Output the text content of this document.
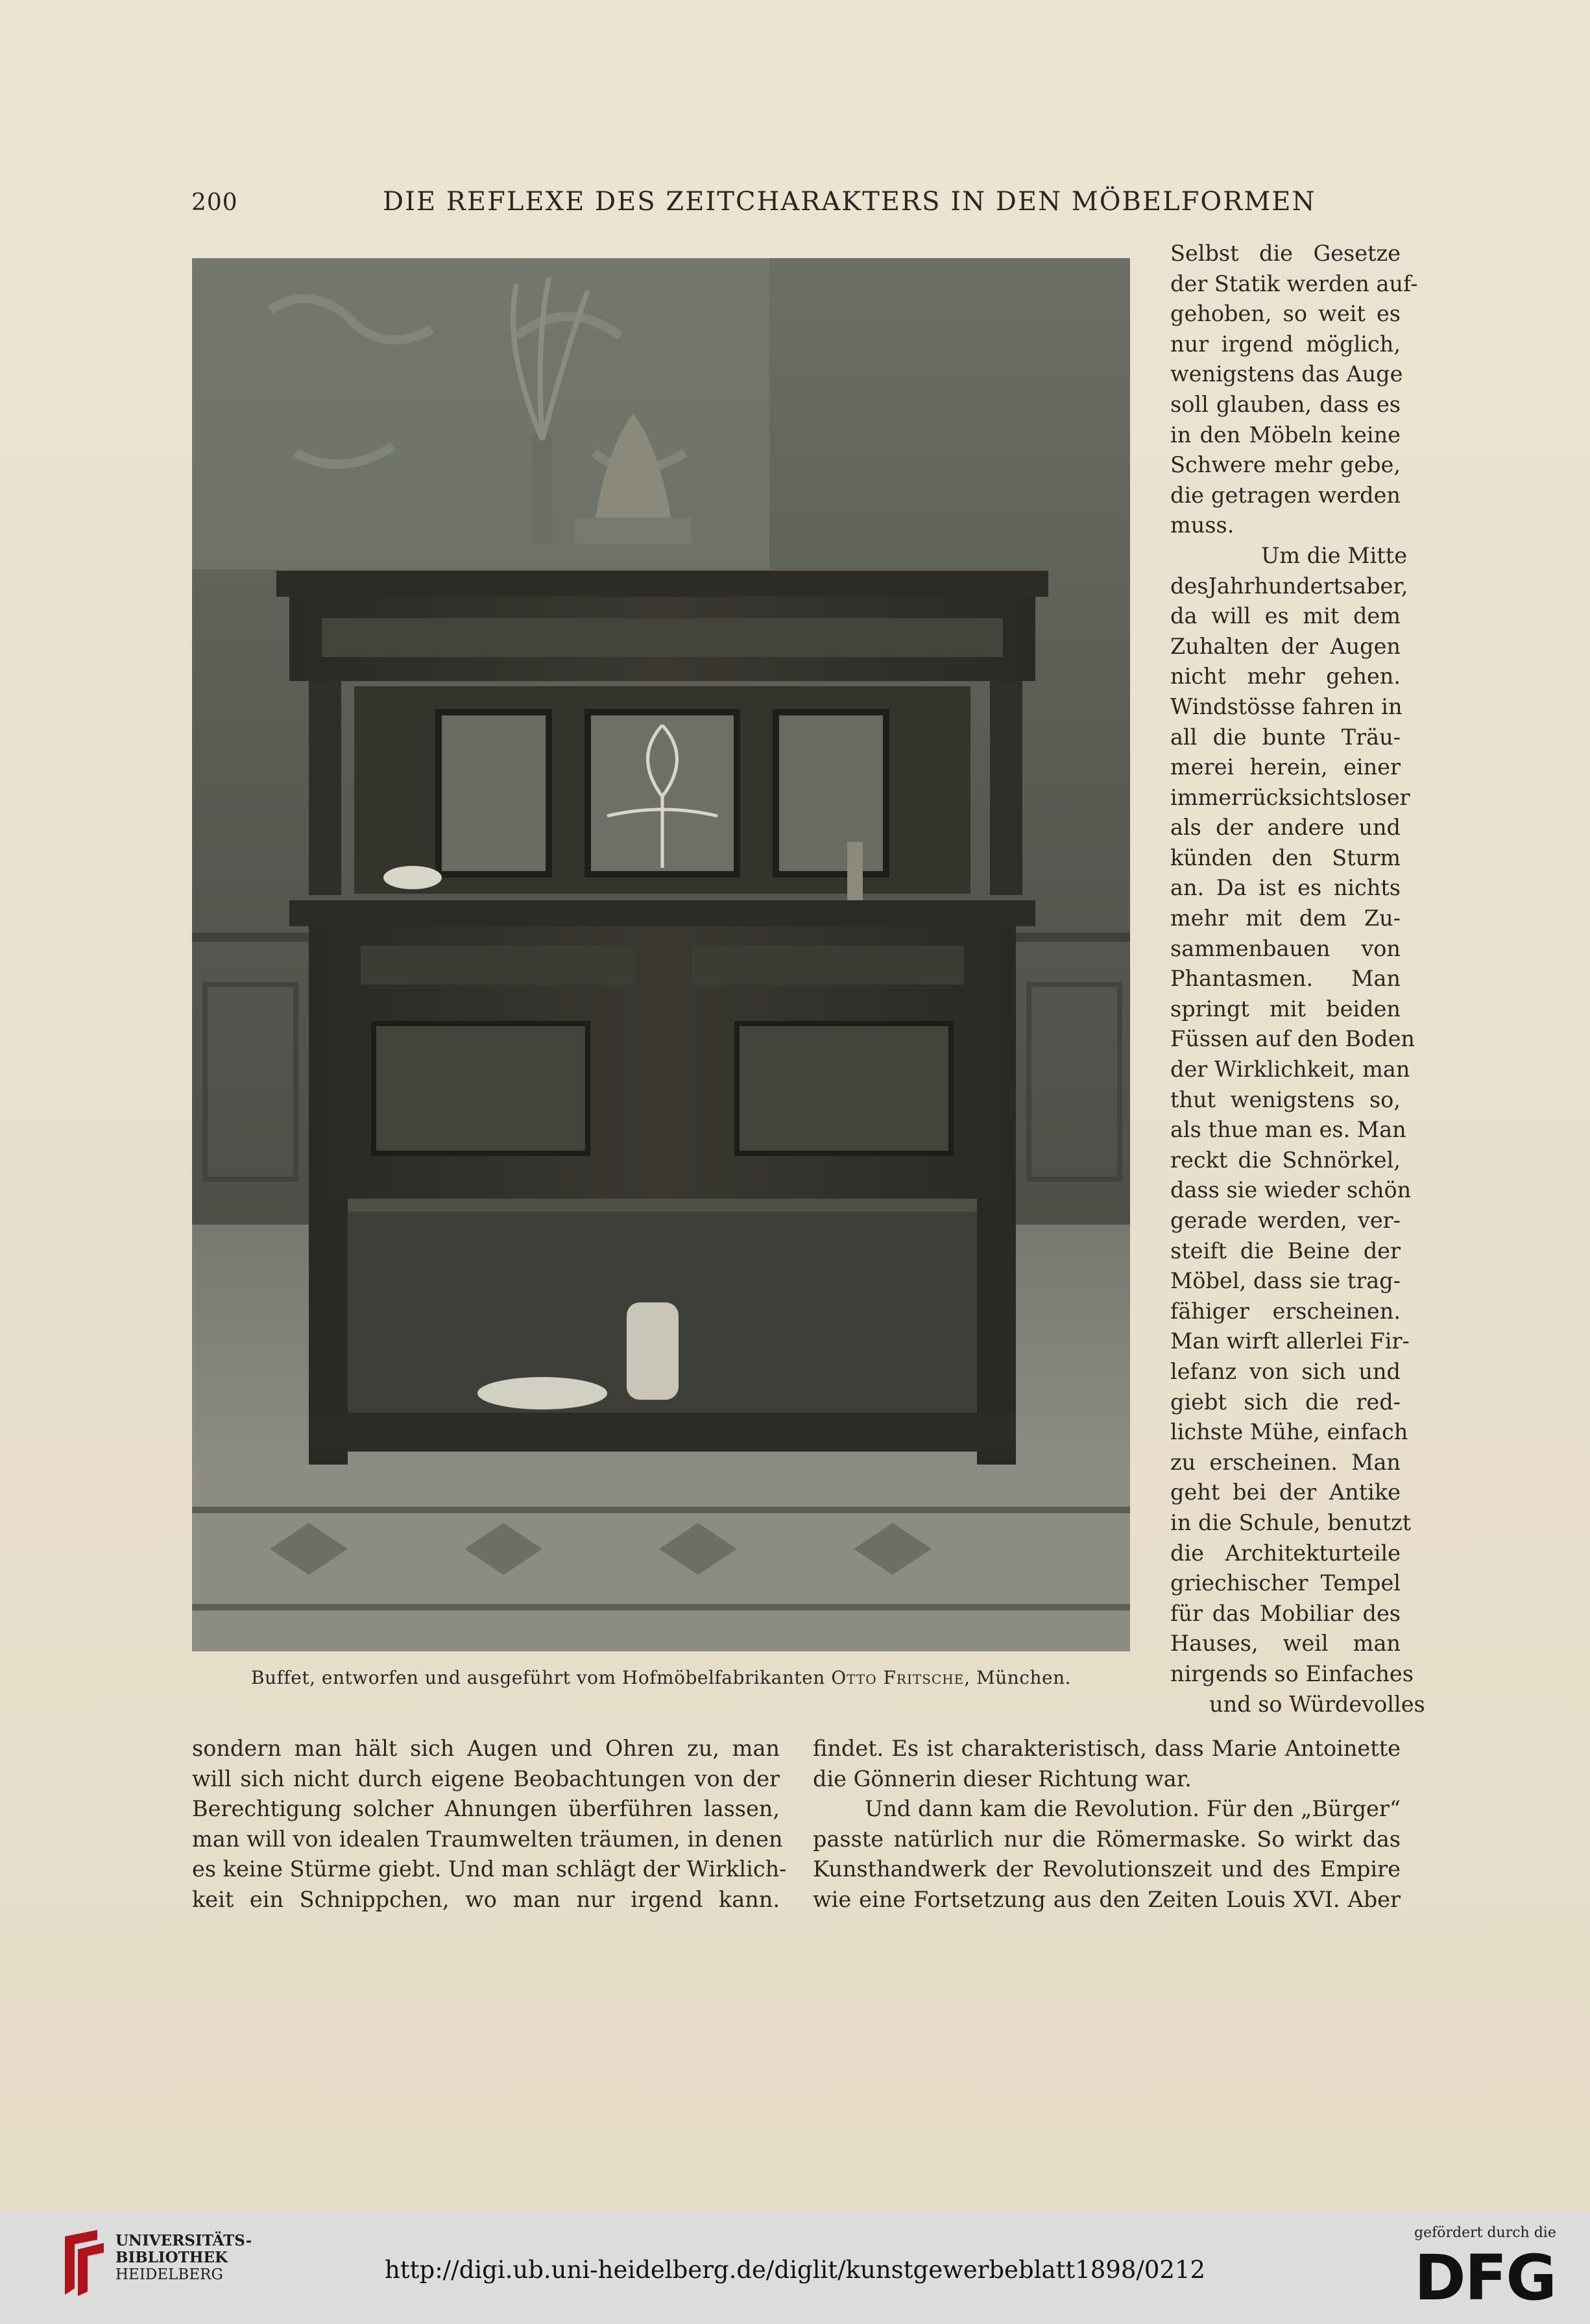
200	DIE REFLEXE DES ZEITCHARAKTERS IN DEN MÖBELFORMEN
Buffet, entworfen und ausgeführt vom Hofmöbelfabrikanten Otto Fritsche, München.
Selbst die Gesetze
der Statik werden auf-
gehoben, so weit es
nur irgend möglich,
wenigstens das Auge
soll glauben, dass es
in den Möbeln keine
Schwere mehr gebe,
die getragen werden
muss.
Um die Mitte
desJahrhundertsaber,
da will es mit dem
Zuhalten der Augen
nicht mehr gehen.
Windstösse fahren in
all die bunte Träu-
merei herein, einer
immerrücksichtsloser
als der andere und
künden den Sturm
an. Da ist es nichts
mehr mit dem Zu-
sammenbauen von
Phantasmen. Man
springt mit beiden
Füssen auf den Boden
der Wirklichkeit, man
thut wenigstens so,
als thue man es. Man
reckt die Schnörkel,
dass sie wieder schön
gerade werden, ver-
steift die Beine der
Möbel, dass sie trag-
fähiger erscheinen.
Man wirft allerlei Fir-
lefanz von sich und
giebt sich die red-
lichste Mühe, einfach
zu erscheinen. Man
geht bei der Antike
in die Schule, benutzt
die Architekturteile
griechischer Tempel
für das Mobiliar des
Hauses, weil man
nirgends so Einfaches
und so Würdevolles
sondern man hält sich Augen und Ohren zu, man
will sich nicht durch eigene Beobachtungen von der
Berechtigung solcher Ahnungen überführen lassen,
man will von idealen Traumwelten träumen, in denen
es keine Stürme giebt. Und man schlägt der Wirklich-
keit ein Schnippchen, wo man nur irgend kann.
findet. Es ist charakteristisch, dass Marie Antoinette
die Gönnerin dieser Richtung war.
Und dann kam die Revolution. Für den „Bürger“
passte natürlich nur die Römermaske. So wirkt das
Kunsthandwerk der Revolutionszeit und des Empire
wie eine Fortsetzung aus den Zeiten Louis XVI. Aber
UNIVERSITÄTS-
BIBLIOTHEK
HEIDELBERG	http://digi.ub.uni-heidelberg.de/diglit/kunstgewerbeblatt1898/0212
gefördert durch die
DFG
